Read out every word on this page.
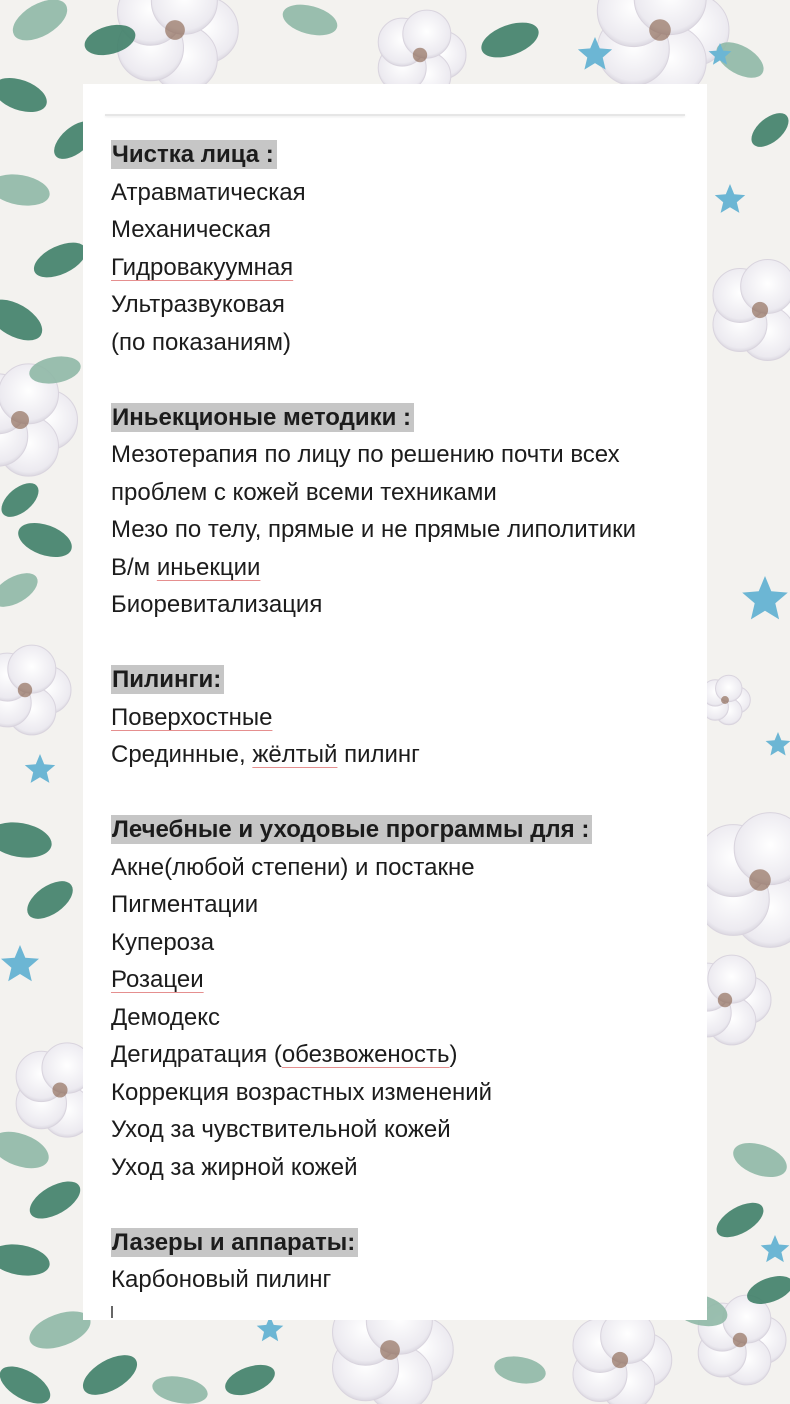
Чистка лица :
Атравматическая
Механическая
Гидровакуумная
Ультразвуковая
(по показаниям)
Иньекционые методики :
Мезотерапия по лицу по решению почти всех
проблем с кожей всеми техниками
Мезо по телу, прямые и не прямые липолитики
В/м иньекции
Биоревитализация
Пилинги:
Поверхостные
Срединные, жёлтый пилинг
Лечебные и уходовые программы для :
Акне(любой степени) и постакне
Пигментации
Купероза
Розацеи
Демодекс
Дегидратация (обезвоженость)
Коррекция возрастных изменений
Уход за чувствительной кожей
Уход за жирной кожей
Лазеры и аппараты:
Карбоновый пилинг
